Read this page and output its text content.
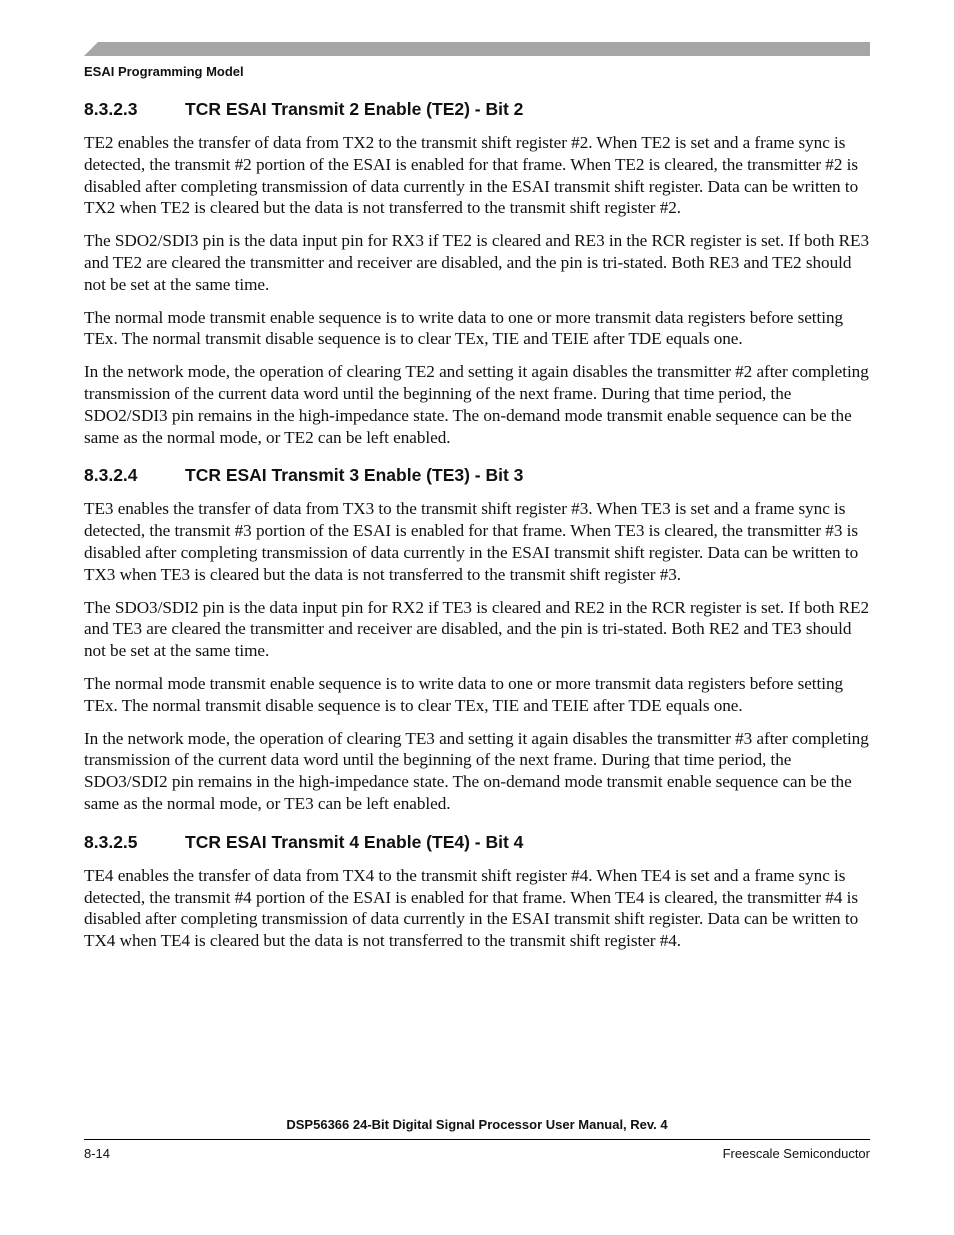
ESAI Programming Model
8.3.2.3	TCR ESAI Transmit 2 Enable (TE2) - Bit 2

TE2 enables the transfer of data from TX2 to the transmit shift register #2. When TE2 is set and a frame sync is detected, the transmit #2 portion of the ESAI is enabled for that frame. When TE2 is cleared, the transmitter #2 is disabled after completing transmission of data currently in the ESAI transmit shift register. Data can be written to TX2 when TE2 is cleared but the data is not transferred to the transmit shift register #2.

The SDO2/SDI3 pin is the data input pin for RX3 if TE2 is cleared and RE3 in the RCR register is set. If both RE3 and TE2 are cleared the transmitter and receiver are disabled, and the pin is tri-stated. Both RE3 and TE2 should not be set at the same time.

The normal mode transmit enable sequence is to write data to one or more transmit data registers before setting TEx. The normal transmit disable sequence is to clear TEx, TIE and TEIE after TDE equals one.

In the network mode, the operation of clearing TE2 and setting it again disables the transmitter #2 after completing transmission of the current data word until the beginning of the next frame. During that time period, the SDO2/SDI3 pin remains in the high-impedance state. The on-demand mode transmit enable sequence can be the same as the normal mode, or TE2 can be left enabled.

8.3.2.4	TCR ESAI Transmit 3 Enable (TE3) - Bit 3

TE3 enables the transfer of data from TX3 to the transmit shift register #3. When TE3 is set and a frame sync is detected, the transmit #3 portion of the ESAI is enabled for that frame. When TE3 is cleared, the transmitter #3 is disabled after completing transmission of data currently in the ESAI transmit shift register. Data can be written to TX3 when TE3 is cleared but the data is not transferred to the transmit shift register #3.

The SDO3/SDI2 pin is the data input pin for RX2 if TE3 is cleared and RE2 in the RCR register is set. If both RE2 and TE3 are cleared the transmitter and receiver are disabled, and the pin is tri-stated. Both RE2 and TE3 should not be set at the same time.

The normal mode transmit enable sequence is to write data to one or more transmit data registers before setting TEx. The normal transmit disable sequence is to clear TEx, TIE and TEIE after TDE equals one.

In the network mode, the operation of clearing TE3 and setting it again disables the transmitter #3 after completing transmission of the current data word until the beginning of the next frame. During that time period, the SDO3/SDI2 pin remains in the high-impedance state. The on-demand mode transmit enable sequence can be the same as the normal mode, or TE3 can be left enabled.

8.3.2.5	TCR ESAI Transmit 4 Enable (TE4) - Bit 4

TE4 enables the transfer of data from TX4 to the transmit shift register #4. When TE4 is set and a frame sync is detected, the transmit #4 portion of the ESAI is enabled for that frame. When TE4 is cleared, the transmitter #4 is disabled after completing transmission of data currently in the ESAI transmit shift register. Data can be written to TX4 when TE4 is cleared but the data is not transferred to the transmit shift register #4.

DSP56366 24-Bit Digital Signal Processor User Manual, Rev. 4
8-14	Freescale Semiconductor
